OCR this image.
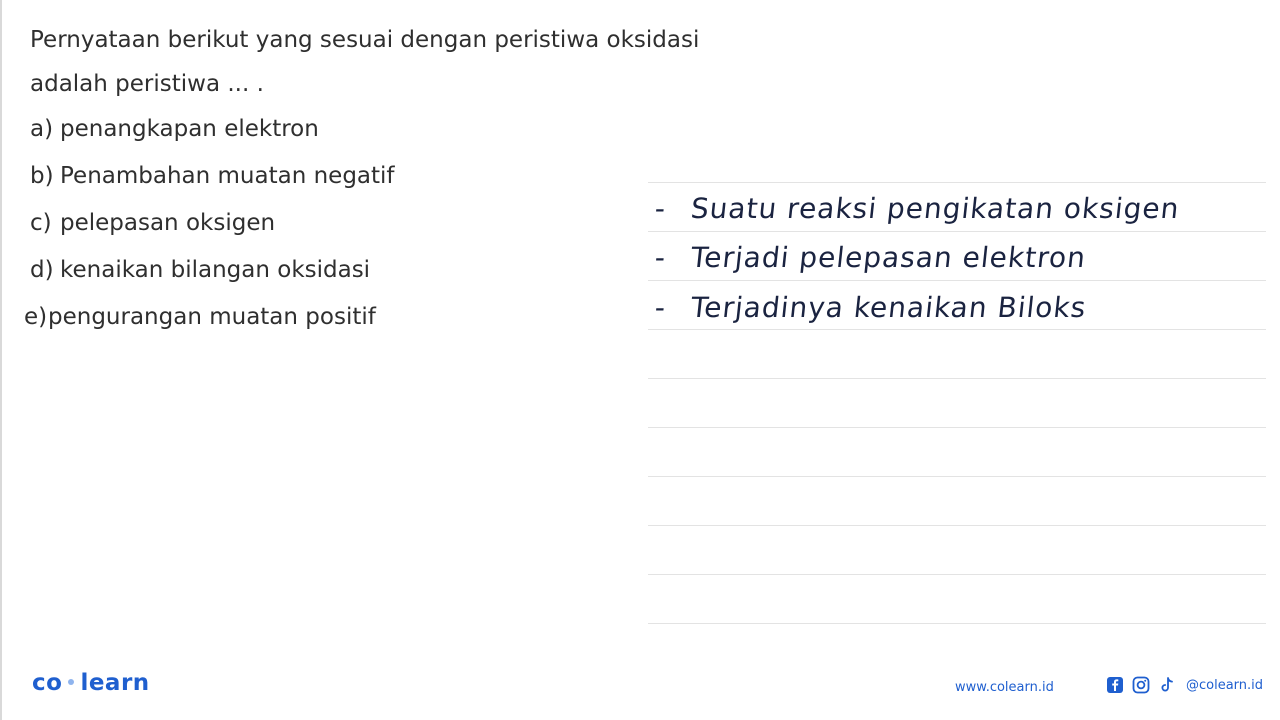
Pernyataan berikut yang sesuai dengan peristiwa oksidasi

adalah peristiwa ... .

a) penangkapan elektron
b) Penambahan muatan negatif
c) pelepasan oksigen
d) kenaikan bilangan oksidasi
e) pengurangan muatan positif
- Suatu reaksi pengikatan oksigen
- Terjadi pelepasan elektron
- Terjadinya kenaikan Biloks
co learn	www.colearn.id	@colearn.id
